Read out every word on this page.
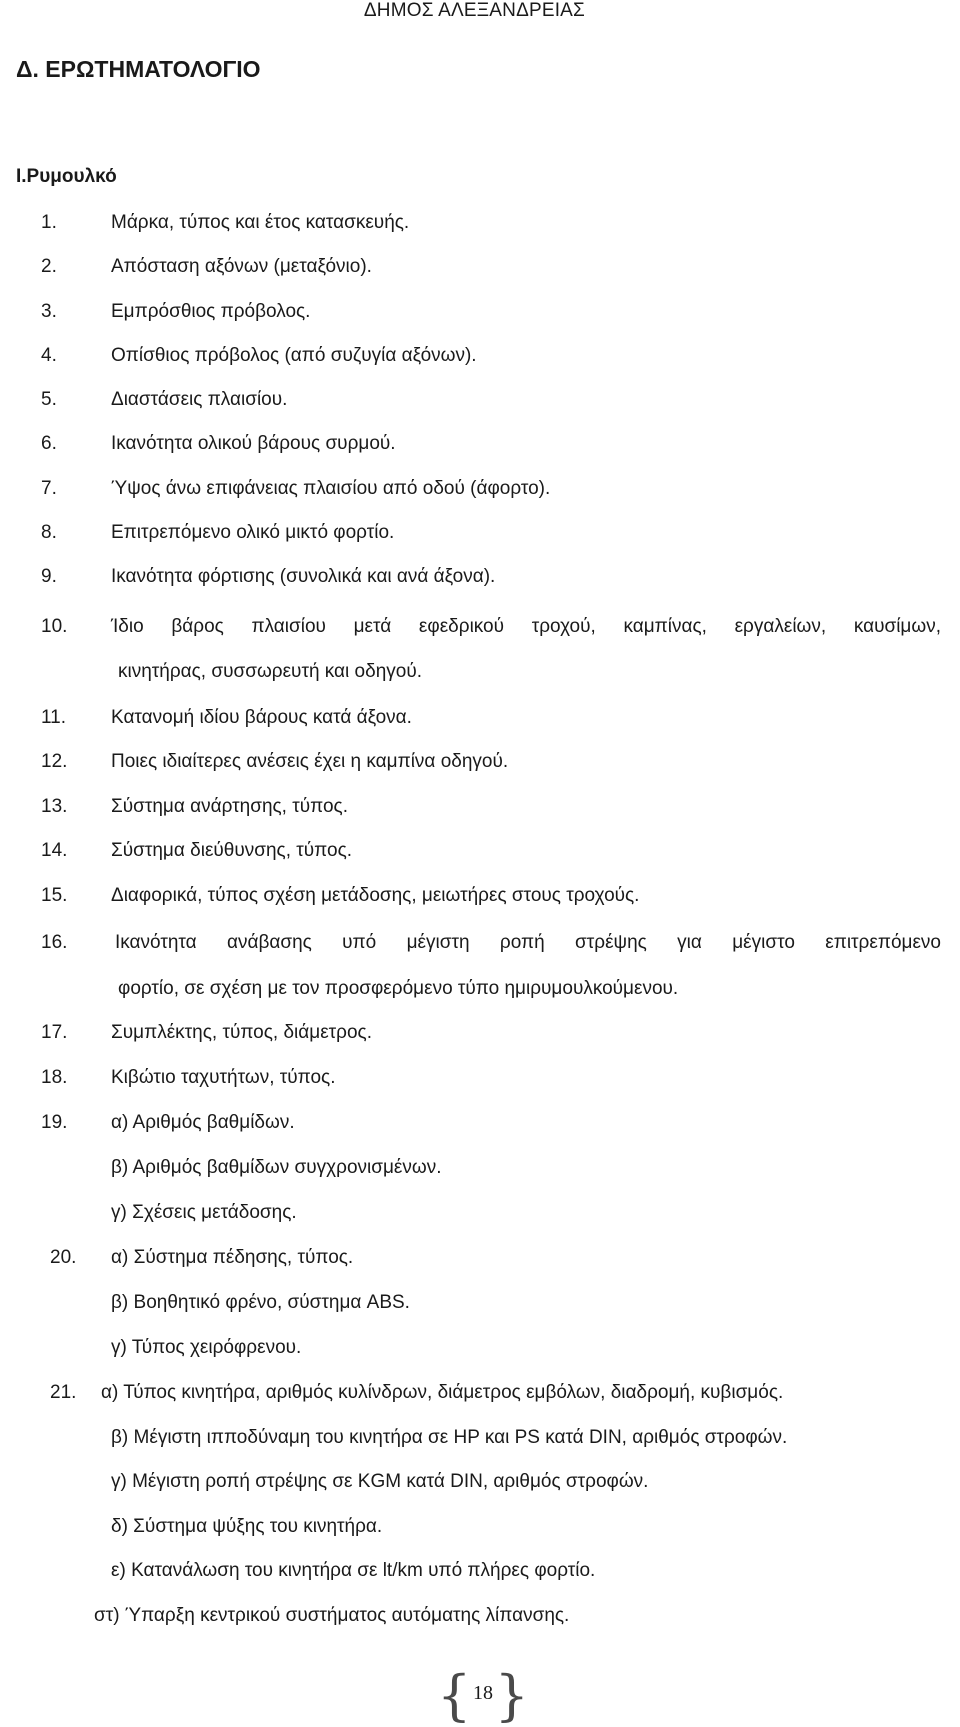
ΔΗΜΟΣ ΑΛΕΞΑΝΔΡΕΙΑΣ
Δ. ΕΡΩΤΗΜΑΤΟΛΟΓΙΟ
Ι.Ρυμουλκό
1.	Μάρκα, τύπος και έτος κατασκευής.
2.	Απόσταση αξόνων (μεταξόνιο).
3.	Εμπρόσθιος πρόβολος.
4.	Οπίσθιος πρόβολος (από συζυγία αξόνων).
5.	Διαστάσεις πλαισίου.
6.	Ικανότητα ολικού βάρους συρμού.
7.	Ύψος άνω επιφάνειας πλαισίου από οδού (άφορτο).
8.	Επιτρεπόμενο ολικό μικτό φορτίο.
9.	Ικανότητα φόρτισης (συνολικά και ανά άξονα).
10. Ίδιο βάρος πλαισίου μετά εφεδρικού τροχού, καμπίνας, εργαλείων, καυσίμων,
κινητήρας, συσσωρευτή και οδηγού.
11. Κατανομή ιδίου βάρους κατά άξονα.
12. Ποιες ιδιαίτερες ανέσεις έχει η καμπίνα οδηγού.
13. Σύστημα ανάρτησης, τύπος.
14. Σύστημα διεύθυνσης, τύπος.
15. Διαφορικά, τύπος σχέση μετάδοσης, μειωτήρες στους τροχούς.
16.	Ικανότητα ανάβασης υπό μέγιστη ροπή στρέψης για μέγιστο επιτρεπόμενο
φορτίο, σε σχέση με τον προσφερόμενο τύπο ημιρυμουλκούμενου.
17. Συμπλέκτης, τύπος, διάμετρος.
18. Κιβώτιο ταχυτήτων, τύπος.
19. α) Αριθμός βαθμίδων.
β) Αριθμός βαθμίδων συγχρονισμένων.
γ) Σχέσεις μετάδοσης.
20. α) Σύστημα πέδησης, τύπος.
β) Βοηθητικό φρένο, σύστημα ABS.
γ) Τύπος χειρόφρενου.
21. α) Τύπος κινητήρα, αριθμός κυλίνδρων, διάμετρος εμβόλων, διαδρομή, κυβισμός.
β) Μέγιστη ιπποδύναμη του κινητήρα σε HP και PS κατά DIN, αριθμός στροφών.
γ) Μέγιστη ροπή στρέψης σε KGM κατά DIN, αριθμός στροφών.
δ) Σύστημα ψύξης του κινητήρα.
ε) Κατανάλωση του κινητήρα σε lt/km υπό πλήρες φορτίο.
στ) Ύπαρξη κεντρικού συστήματος αυτόματης λίπανσης.
{ 18 }
